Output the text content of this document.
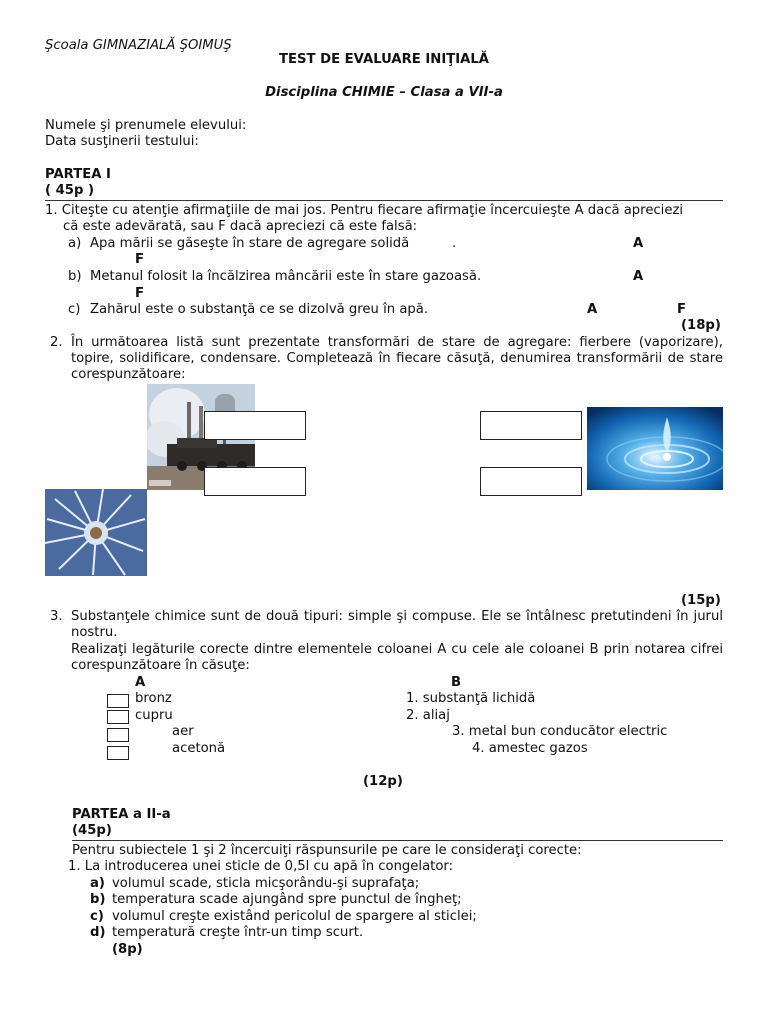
Şcoala GIMNAZIALĂ ŞOIMUŞ
TEST DE EVALUARE INIŢIALĂ
Disciplina CHIMIE – Clasa a VII-a
Numele şi prenumele elevului:
Data susţinerii testului:
PARTEA I
( 45p )
1. Citeşte cu atenţie afirmaţiile de mai jos. Pentru fiecare afirmaţie încercuieşte A dacă apreciezi
că este adevărată, sau F dacă apreciezi că este falsă:
a) Apa mării se găseşte în stare de agregare solidă	.	A
F
b) Metanul folosit la încălzirea mâncării este în stare gazoasă.	A
F
c) Zahărul este o substanţă ce se dizolvă greu în apă.	A	F
(18p)
2. În următoarea listă sunt prezentate transformări de stare de agregare: fierbere (vaporizare), topire, solidificare, condensare. Completează în fiecare căsuţă, denumirea transformării de stare corespunzătoare:
(15p)
3. Substanţele chimice sunt de două tipuri: simple şi compuse. Ele se întâlnesc pretutindeni în jurul nostru.
Realizaţi legăturile corecte dintre elementele coloanei A cu cele ale coloanei B prin notarea cifrei corespunzătoare în căsuţe:
A	B
bronz	1. substanţă lichidă
cupru	2. aliaj
aer	3. metal bun conducător electric
acetonă	4. amestec gazos
(12p)
PARTEA a II-a
(45p)
Pentru subiectele 1 şi 2 încercuiţi răspunsurile pe care le consideraţi corecte:
1. La introducerea unei sticle de 0,5l cu apă în congelator:
a) volumul scade, sticla micşorându-şi suprafaţa;
b) temperatura scade ajungând spre punctul de îngheţ;
c) volumul creşte existând pericolul de spargere al sticlei;
d) temperatură creşte într-un timp scurt.
(8p)
